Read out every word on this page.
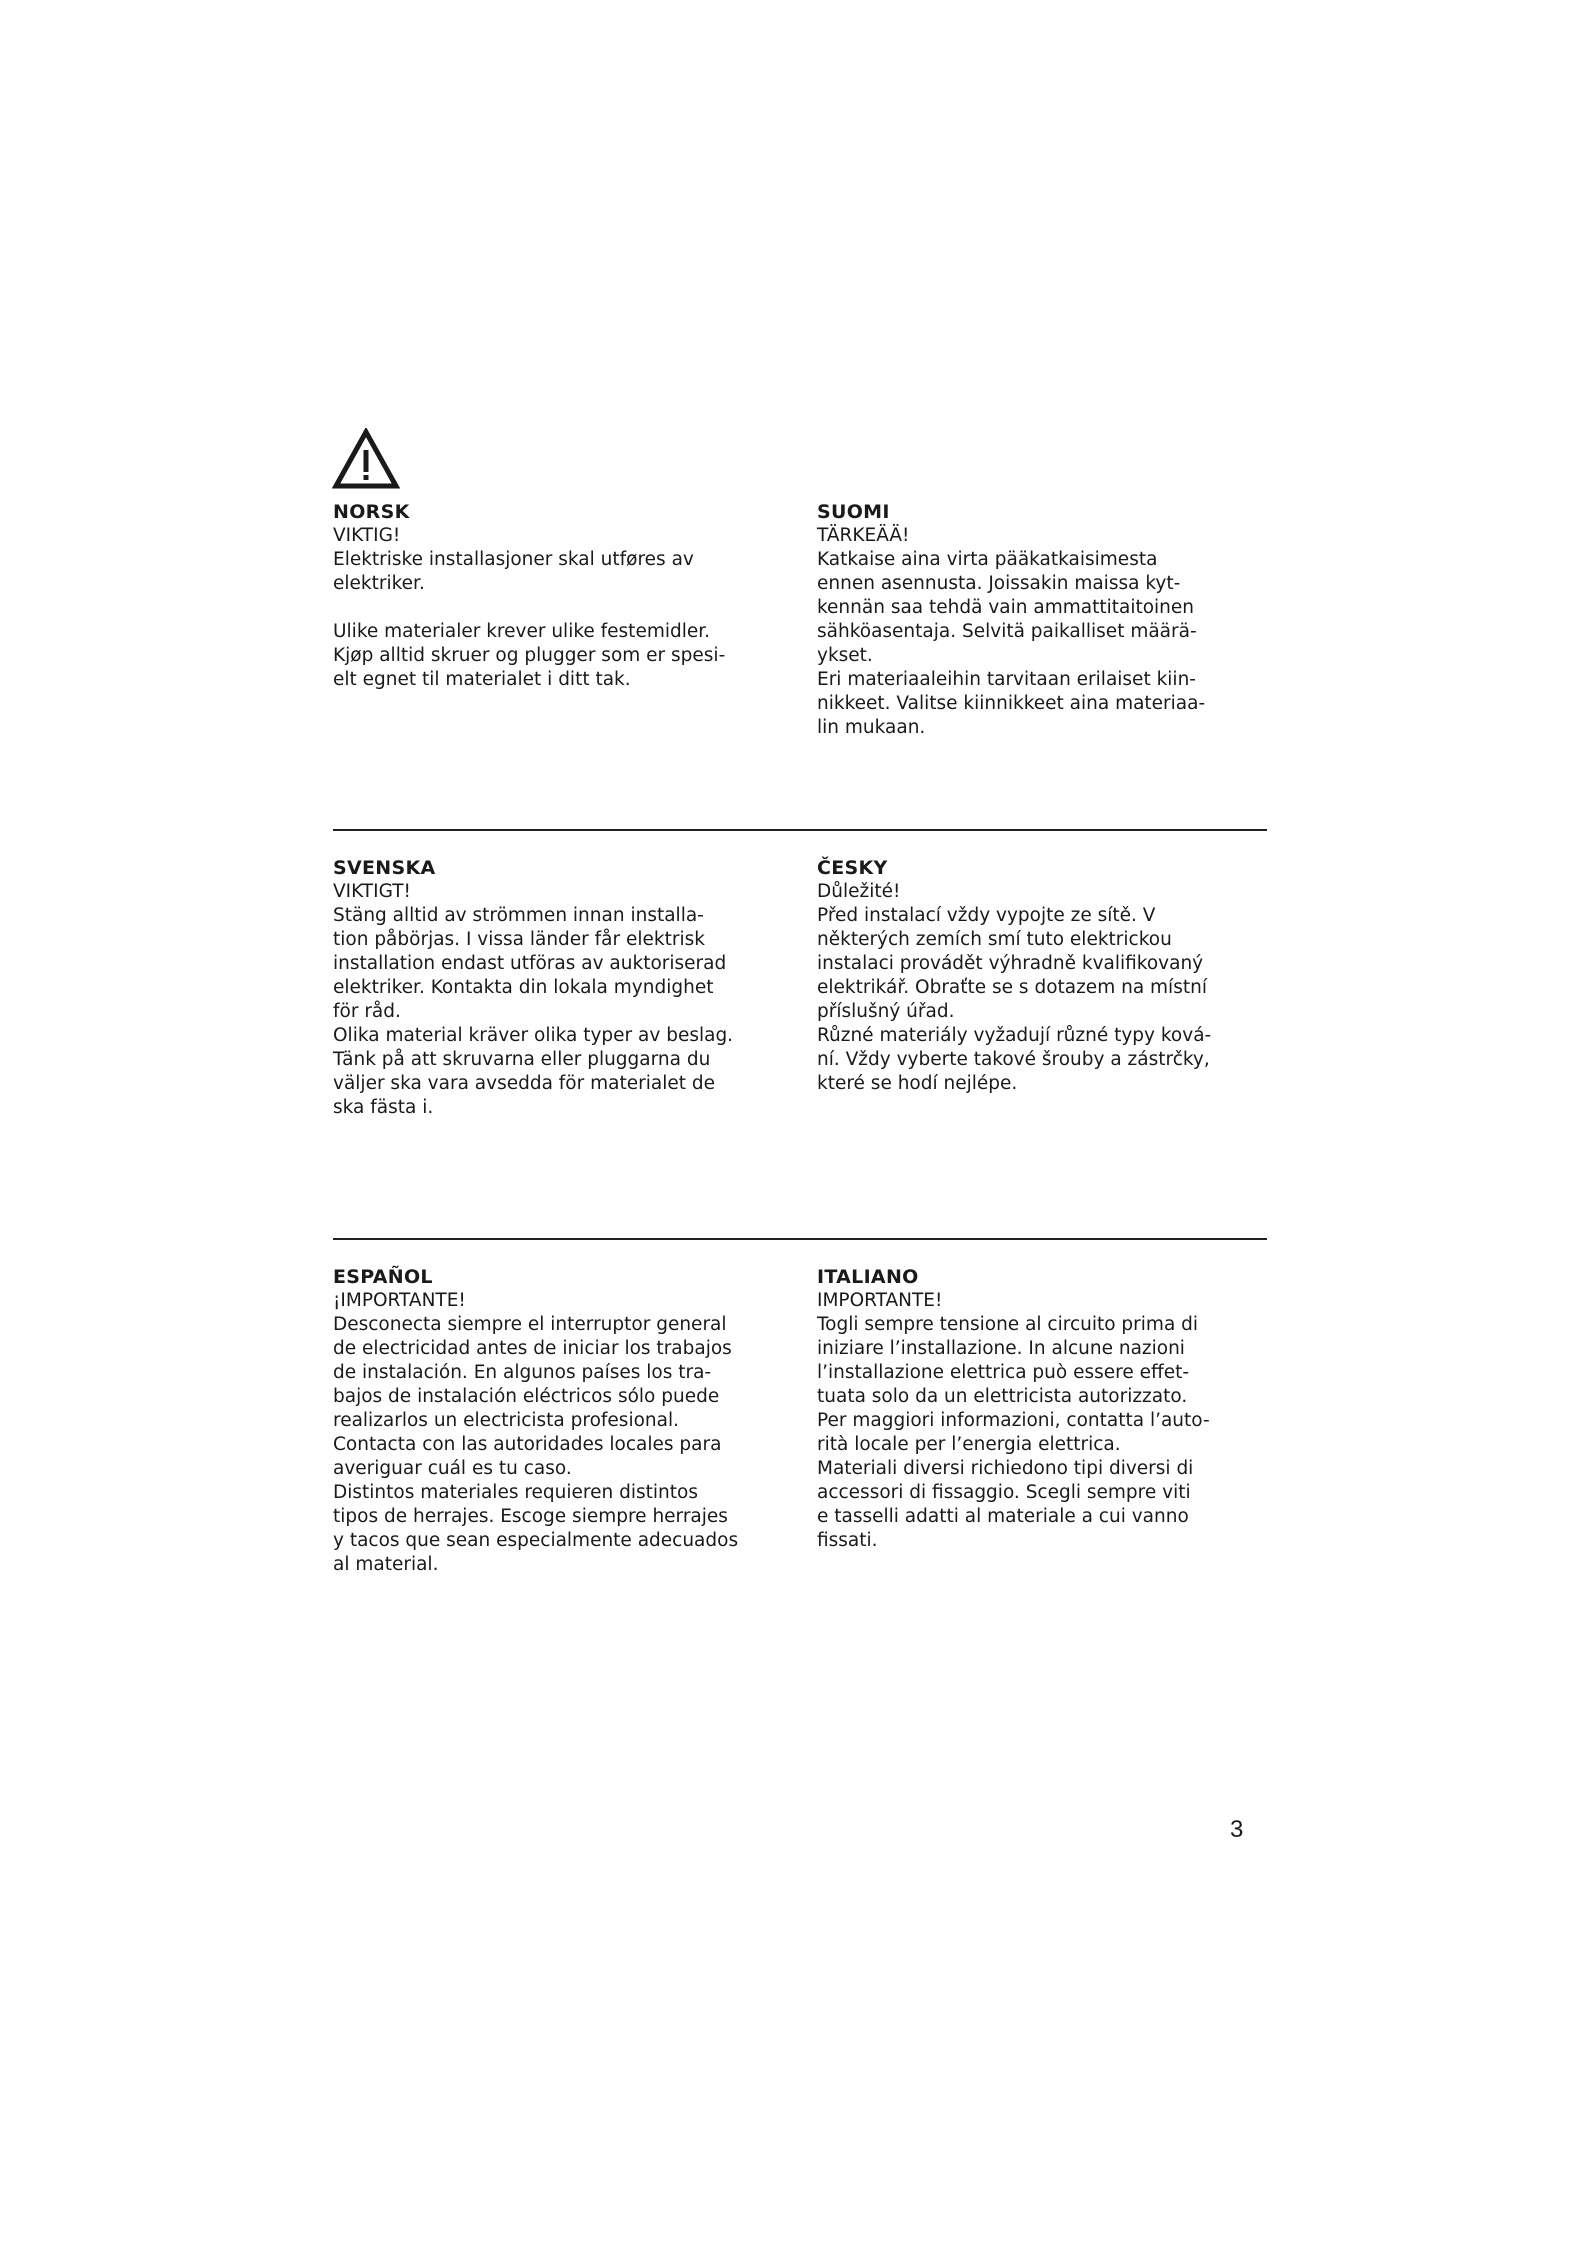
NORSK
VIKTIG!
Elektriske installasjoner skal utføres av
elektriker.
Ulike materialer krever ulike festemidler.
Kjøp alltid skruer og plugger som er spesi-
elt egnet til materialet i ditt tak.
SUOMI
TÄRKEÄÄ!
Katkaise aina virta pääkatkaisimesta
ennen asennusta. Joissakin maissa kyt-
kennän saa tehdä vain ammattitaitoinen
sähköasentaja. Selvitä paikalliset määrä-
ykset.
Eri materiaaleihin tarvitaan erilaiset kiin-
nikkeet. Valitse kiinnikkeet aina materiaa-
lin mukaan.
SVENSKA
VIKTIGT!
Stäng alltid av strömmen innan installa-
tion påbörjas. I vissa länder får elektrisk
installation endast utföras av auktoriserad
elektriker. Kontakta din lokala myndighet
för råd.
Olika material kräver olika typer av beslag.
Tänk på att skruvarna eller pluggarna du
väljer ska vara avsedda för materialet de
ska fästa i.
ČESKY
Důležité!
Před instalací vždy vypojte ze sítě. V
některých zemích smí tuto elektrickou
instalaci provádět výhradně kvalifikovaný
elektrikář. Obraťte se s dotazem na místní
příslušný úřad.
Různé materiály vyžadují různé typy ková-
ní. Vždy vyberte takové šrouby a zástrčky,
které se hodí nejlépe.
ESPAÑOL
¡IMPORTANTE!
Desconecta siempre el interruptor general
de electricidad antes de iniciar los trabajos
de instalación. En algunos países los tra-
bajos de instalación eléctricos sólo puede
realizarlos un electricista profesional.
Contacta con las autoridades locales para
averiguar cuál es tu caso.
Distintos materiales requieren distintos
tipos de herrajes. Escoge siempre herrajes
y tacos que sean especialmente adecuados
al material.
ITALIANO
IMPORTANTE!
Togli sempre tensione al circuito prima di
iniziare l’installazione. In alcune nazioni
l’installazione elettrica può essere effet-
tuata solo da un elettricista autorizzato.
Per maggiori informazioni, contatta l’auto-
rità locale per l’energia elettrica.
Materiali diversi richiedono tipi diversi di
accessori di fissaggio. Scegli sempre viti
e tasselli adatti al materiale a cui vanno
fissati.
3
